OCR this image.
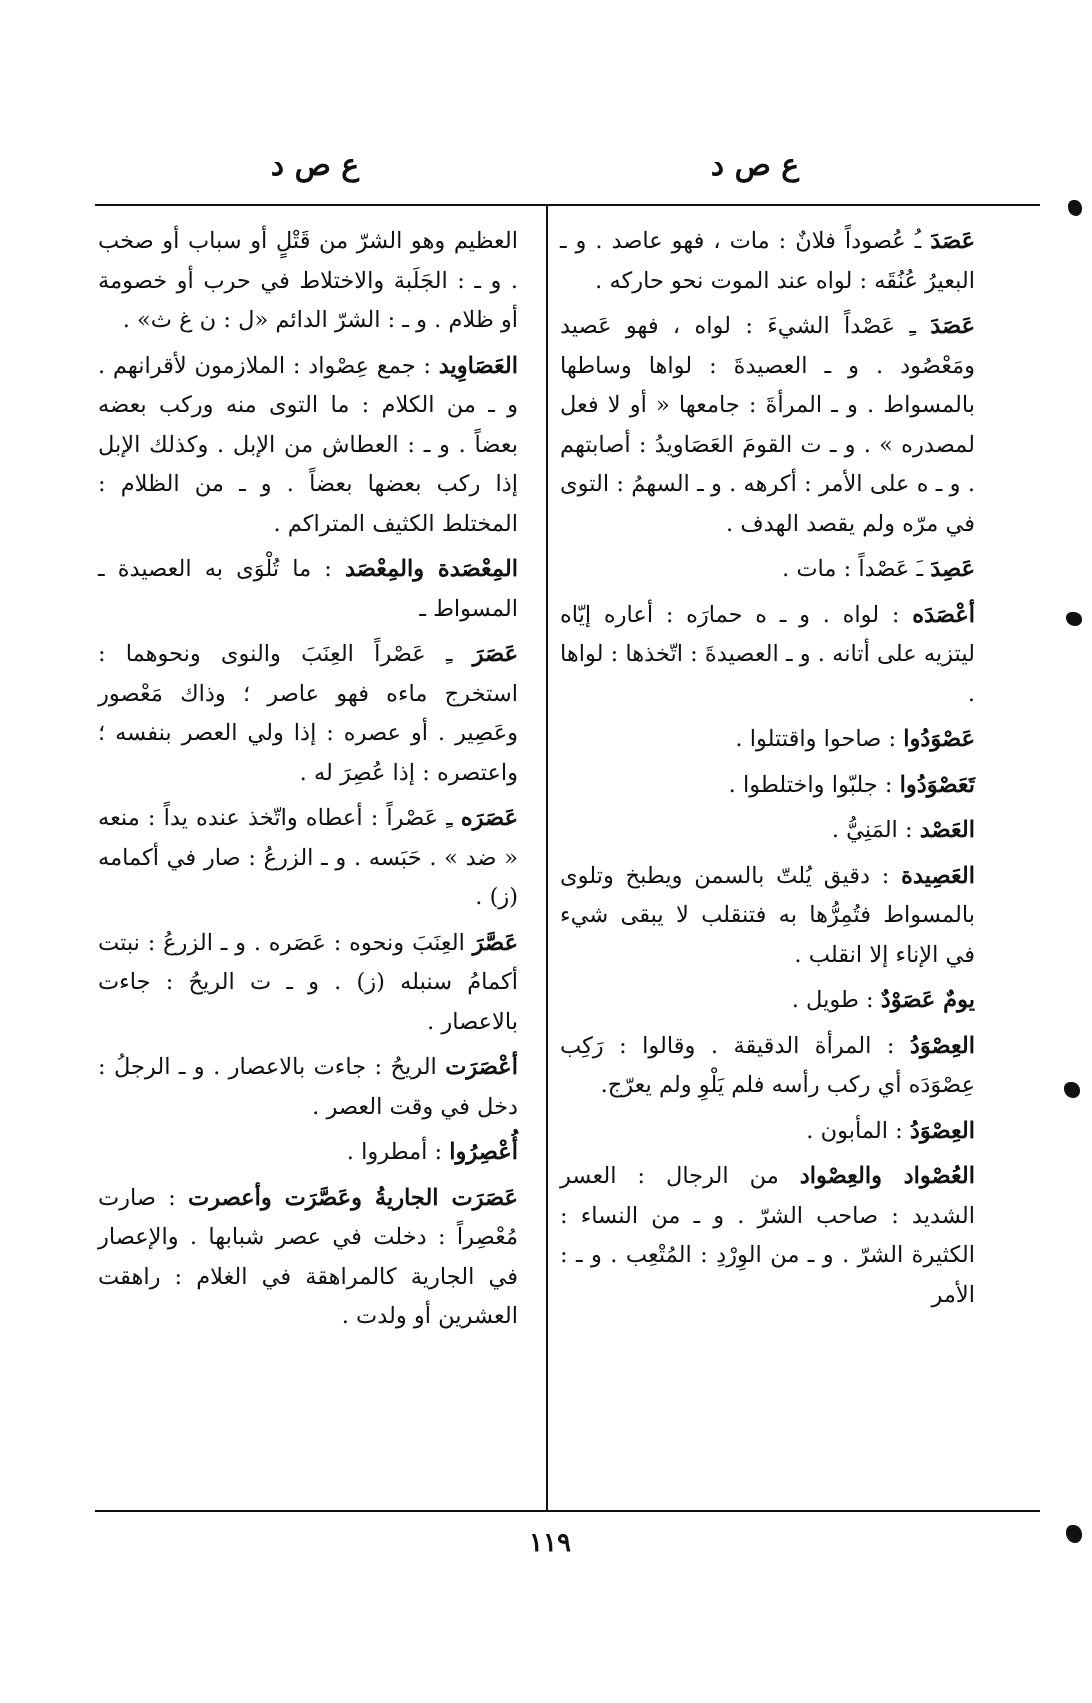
ع ص د
ع ص د
عَصَدَ ـُ عُصوداً فلانٌ : مات ، فهو عاصد . و ـ البعيرُ عُنُقَه : لواه عند الموت نحو حاركه .
عَصَدَ ـِ عَصْداً الشيءَ : لواه ، فهو عَصيد ومَعْصُود . و ـ العصيدةَ : لواها وساطها بالمسواط . و ـ المرأةَ : جامعها « أو لا فعل لمصدره » . و ـ ت القومَ العَصَاويدُ : أصابتهم . و ـ ه على الأمر : أكرهه . و ـ السهمُ : التوى في مرّه ولم يقصد الهدف .
عَصِدَ ـَ عَصْداً : مات .
أعْصَدَه : لواه . و ـ ه حمارَه : أعاره إيّاه ليتزيه على أتانه . و ـ العصيدةَ : اتّخذها : لواها .
عَصْوَدُوا : صاحوا واقتتلوا .
تَعَصْوَدُوا : جلبّوا واختلطوا .
العَصْد : المَنِيُّ .
العَصِيدة : دقيق يُلتّ بالسمن ويطبخ وتلوى بالمسواط فتُمِرُّها به فتنقلب لا يبقى شيء في الإناء إلا انقلب .
يومٌ عَصَوْدٌ : طويل .
العِصْوَدُ : المرأة الدقيقة . وقالوا : رَكِب عِصْوَدَه أي ركب رأسه فلم يَلْوِ ولم يعرّج.
العِصْوَدُ : المأبون .
العُصْواد والعِصْواد من الرجال : العسر الشديد : صاحب الشرّ . و ـ من النساء : الكثيرة الشرّ . و ـ من الوِرْدِ : المُتْعِب . و ـ : الأمر
العظيم وهو الشرّ من قَتْلٍ أو سباب أو صخب . و ـ : الجَلَبة والاختلاط في حرب أو خصومة أو ظلام . و ـ : الشرّ الدائم «ل : ن غ ث» .
العَصَاوِيد : جمع عِصْواد : الملازمون لأقرانهم . و ـ من الكلام : ما التوى منه وركب بعضه بعضاً . و ـ : العطاش من الإبل . وكذلك الإبل إذا ركب بعضها بعضاً . و ـ من الظلام : المختلط الكثيف المتراكم .
المِعْصَدة والمِعْصَد : ما تُلْوَى به العصيدة ـ المسواط ـ
عَصَرَ ـِ عَصْراً العِنَبَ والنوى ونحوهما : استخرج ماءه فهو عاصر ؛ وذاك مَعْصور وعَصِير . أو عصره : إذا ولي العصر بنفسه ؛ واعتصره : إذا عُصِرَ له .
عَصَرَه ـِ عَصْراً : أعطاه واتّخذ عنده يداً : منعه « ضد » . حَبَسه . و ـ الزرعُ : صار في أكمامه (ز) .
عَصَّرَ العِنَبَ ونحوه : عَصَره . و ـ الزرعُ : نبتت أكمامُ سنبله (ز) . و ـ ت الريحُ : جاءت بالاعصار .
أعْصَرَت الريحُ : جاءت بالاعصار . و ـ الرجلُ : دخل في وقت العصر .
أُعْصِرُوا : أمطروا .
عَصَرَت الجاريةُ وعَصَّرَت وأعصرت : صارت مُعْصِراً : دخلت في عصر شبابها . والإعصار في الجارية كالمراهقة في الغلام : راهقت العشرين أو ولدت .
١١٩
